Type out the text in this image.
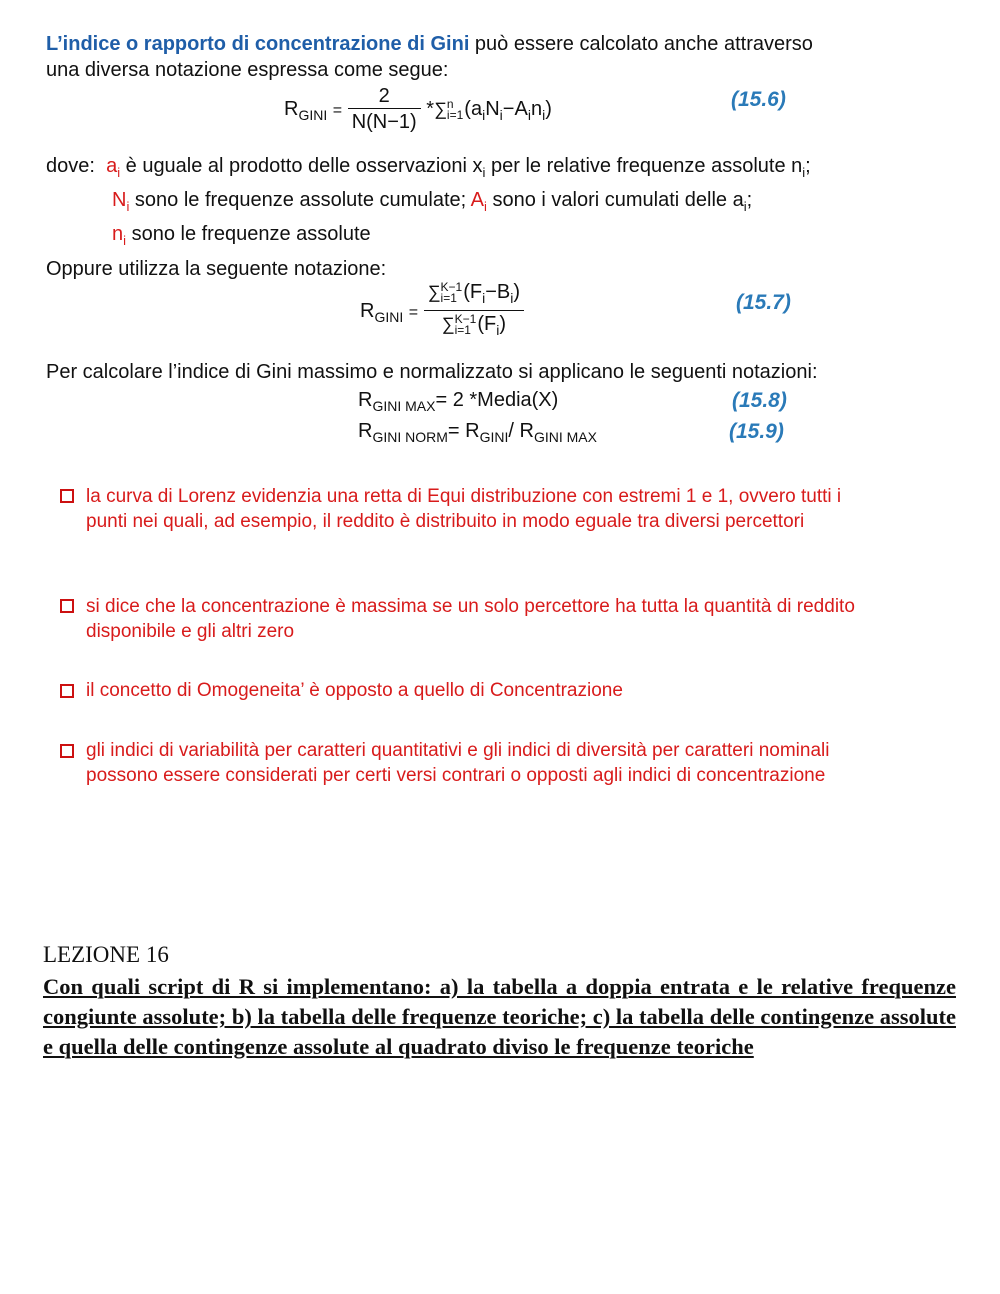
L’indice o rapporto di concentrazione di Gini può essere calcolato anche attraverso
una diversa notazione espressa come segue:
$R_{GINI} = \frac{2}{N(N-1)} *\sum n$
$i=1(a_iN_i-A_in_i)$	(15.6)
dove: $a_i$ è uguale al prodotto delle osservazioni $x_i$ per le relative frequenze assolute $n_i$;
$N_i$ sono le frequenze assolute cumulate; $A_i$ sono i valori cumulati delle $a_i$;
$n_i$ sono le frequenze assolute
Oppure utilizza la seguente notazione:
$R_{GINI}$ =
∑K−1
i=1 $(F_i-B_i)$
∑K−1
i=1 $(F_i)$
(15.7)
Per calcolare l’indice di Gini massimo e normalizzato si applicano le seguenti notazioni:
$R_{GINI MAX}= 2$ *Media(X)	(15.8)
$R_{GINI NORM}= R_{GINI}/$ $R_{GINI MAX}$	(15.9)
la curva di Lorenz evidenzia una retta di Equi distribuzione con estremi 1 e 1, ovvero tutti i punti nei quali, ad esempio, il reddito è distribuito in modo eguale tra diversi percettori
si dice che la concentrazione è massima se un solo percettore ha tutta la quantità di reddito disponibile e gli altri zero
il concetto di Omogeneita’ è opposto a quello di Concentrazione
gli indici di variabilità per caratteri quantitativi e gli indici di diversità per caratteri nominali possono essere considerati per certi versi contrari o opposti agli indici di concentrazione
LEZIONE 16
Con quali script di R si implementano: a) la tabella a doppia entrata e le relative frequenze congiunte assolute; b) la tabella delle frequenze teoriche; c) la tabella delle contingenze assolute e quella delle contingenze assolute al quadrato diviso le frequenze teoriche
